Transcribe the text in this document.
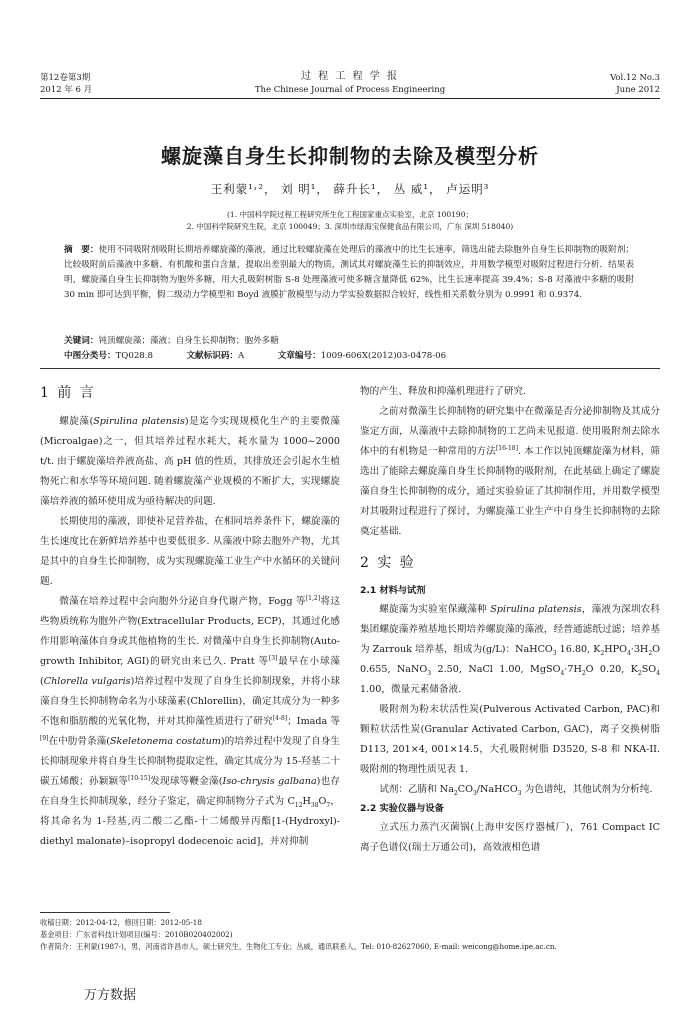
第12卷第3期
2012 年 6 月
过 程 工 程 学 报
The Chinese Journal of Process Engineering
Vol.12 No.3
June 2012
螺旋藻自身生长抑制物的去除及模型分析
王利蒙¹˒²， 刘 明¹， 薛升长¹， 丛 威¹， 卢运明³
(1. 中国科学院过程工程研究所生化工程国家重点实验室，北京 100190；
2. 中国科学院研究生院，北京 100049；3. 深圳市绿海宝保健食品有限公司，广东 深圳 518040)
摘　要：使用不同吸附剂吸附长期培养螺旋藻的藻液，通过比较螺旋藻在处理后的藻液中的比生长速率，筛选出能去除胞外自身生长抑制物的吸附剂；比较吸附前后藻液中多糖、有机酸和蛋白含量，提取出差别最大的物质，测试其对螺旋藻生长的抑制效应，并用数学模型对吸附过程进行分析．结果表明，螺旋藻自身生长抑制物为胞外多糖，用大孔吸附树脂 S-8 处理藻液可使多糖含量降低 62%，比生长速率提高 39.4%；S-8 对藻液中多糖的吸附 30 min 即可达到平衡，假二级动力学模型和 Boyd 液膜扩散模型与动力学实验数据拟合较好，线性相关系数分别为 0.9991 和 0.9374.
关键词：钝顶螺旋藻；藻液；自身生长抑制物；胞外多糖
中图分类号：TQ028.8	文献标识码：A	文章编号：1009-606X(2012)03-0478-06
1 前 言

螺旋藻(Spirulina platensis)是迄今实现规模化生产的主要微藻(Microalgae)之一，但其培养过程水耗大，耗水量为 1000~2000 t/t. 由于螺旋藻培养液高盐、高 pH 值的性质，其排放还会引起水生植物死亡和水华等环境问题. 随着螺旋藻产业规模的不断扩大，实现螺旋藻培养液的循环使用成为亟待解决的问题.

长期使用的藻液，即使补足营养盐，在相同培养条件下，螺旋藻的生长速度比在新鲜培养基中也要低很多. 从藻液中除去胞外产物，尤其是其中的自身生长抑制物，成为实现螺旋藻工业生产中水循环的关键问题.

微藻在培养过程中会向胞外分泌自身代谢产物，Fogg 等[1,2]将这些物质统称为胞外产物(Extracellular Products, ECP)，其通过化感作用影响藻体自身或其他植物的生长. 对微藻中自身生长抑制物(Auto-growth Inhibitor, AGI)的研究由来已久. Pratt 等[3]最早在小球藻(Chlorella vulgaris)培养过程中发现了自身生长抑制现象，并将小球藻自身生长抑制物命名为小球藻素(Chlorellin)，确定其成分为一种多不饱和脂肪酸的光氧化物，并对其抑藻性质进行了研究[4-8]；Imada 等[9]在中肋骨条藻(Skeletonema costatum)的培养过程中发现了自身生长抑制现象并将自身生长抑制物提取定性，确定其成分为 15-羟基二十碳五烯酸；孙颖颖等[10-15]发现球等鞭金藻(Iso-chrysis galbana)也存在自身生长抑制现象，经分子鉴定，确定抑制物分子式为 $C_{12}H_{38}O_7$，将其命名为 1-羟基,丙二酸二乙酯-十二烯酸异丙酯[1-(Hydroxyl)-diethyl malonate)–isopropyl dodecenoic acid]，并对抑制

物的产生、释放和抑藻机理进行了研究.

之前对微藻生长抑制物的研究集中在微藻是否分泌抑制物及其成分鉴定方面，从藻液中去除抑制物的工艺尚未见报道. 使用吸附剂去除水体中的有机物是一种常用的方法[16-18]. 本工作以钝顶螺旋藻为材料，筛选出了能除去螺旋藻自身生长抑制物的吸附剂，在此基础上确定了螺旋藻自身生长抑制物的成分，通过实验验证了其抑制作用，并用数学模型对其吸附过程进行了探讨，为螺旋藻工业生产中自身生长抑制物的去除奠定基础.

2 实 验
2.1 材料与试剂

螺旋藻为实验室保藏藻种 Spirulina platensis，藻液为深圳农科集团螺旋藻养殖基地长期培养螺旋藻的藻液，经普通滤纸过滤；培养基为 Zarrouk 培养基，组成为(g/L)：NaHCO$_3$ 16.80, $K_2HPO_4\cdot 3H_2O$ 0.655, NaNO$_3$ 2.50, NaCl 1.00, $MgSO_4\cdot 7H_2O$ 0.20, $K_2SO_4$ 1.00，微量元素储备液.

吸附剂为粉末状活性炭(Pulverous Activated Carbon, PAC)和颗粒状活性炭(Granular Activated Carbon, GAC)，离子交换树脂 D113, 201×4, 001×14.5，大孔吸附树脂 D3520, S-8 和 NKA-II. 吸附剂的物理性质见表 1.

试剂：乙腈和 $Na_2CO_3/NaHCO_3$ 为色谱纯，其他试剂为分析纯.

2.2 实验仪器与设备

立式压力蒸汽灭菌锅(上海申安医疗器械厂)，761 Compact IC 离子色谱仪(瑞士万通公司)，高效液相色谱

收稿日期：2012-04-12，修回日期：2012-05-18
基金项目：广东省科技计划项目(编号：2010B020402002)
作者简介：王利蒙(1987-)，男，河南省许昌市人，硕士研究生，生物化工专业；丛威，通讯联系人，Tel: 010-82627060, E-mail: weicong@home.ipe.ac.cn.
万方数据
